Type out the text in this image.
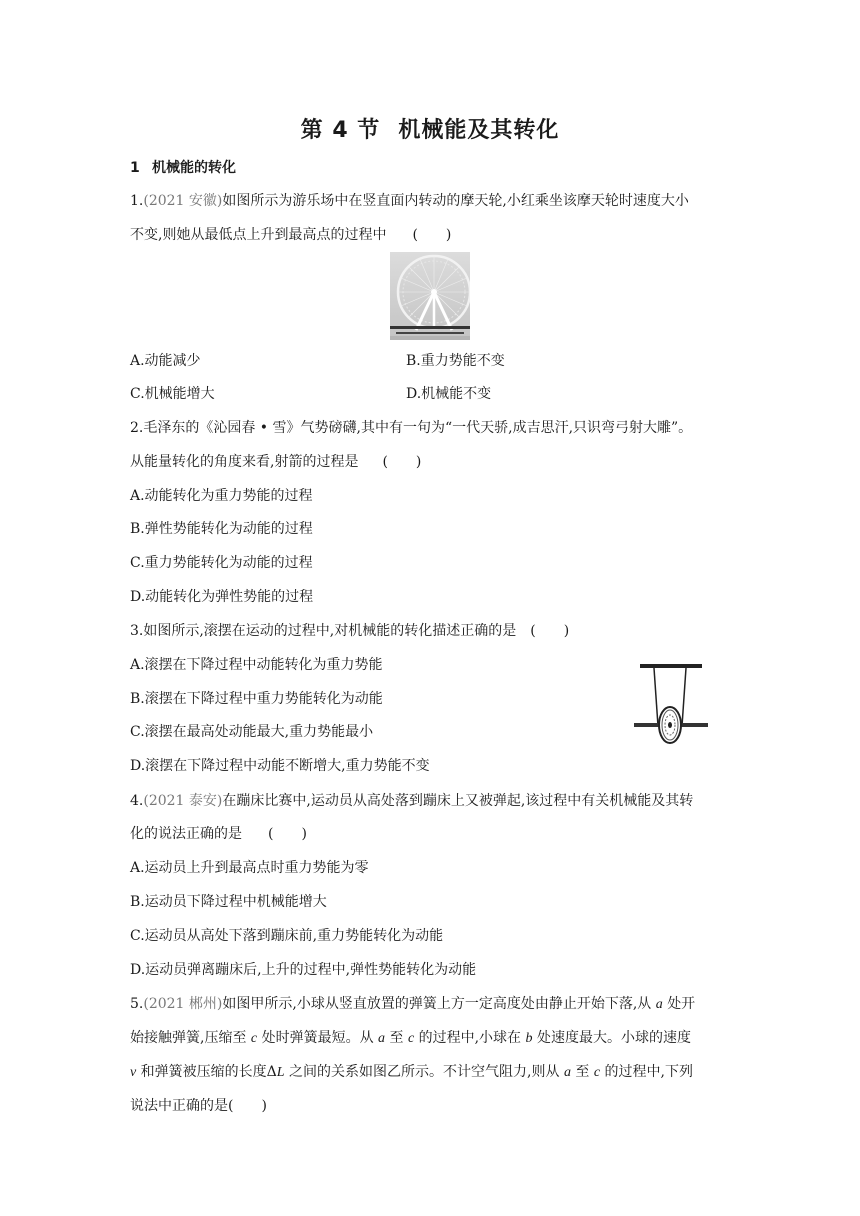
第 4 节 机械能及其转化
1 机械能的转化
1.(2021 安徽)如图所示为游乐场中在竖直面内转动的摩天轮,小红乘坐该摩天轮时速度大小
不变,则她从最低点上升到最高点的过程中 (　　)
A.动能减少	B.重力势能不变
C.机械能增大	D.机械能不变
2.毛泽东的《沁园春 • 雪》气势磅礴,其中有一句为“一代天骄,成吉思汗,只识弯弓射大雕”。
从能量转化的角度来看,射箭的过程是 (　　)
A.动能转化为重力势能的过程
B.弹性势能转化为动能的过程
C.重力势能转化为动能的过程
D.动能转化为弹性势能的过程
3.如图所示,滚摆在运动的过程中,对机械能的转化描述正确的是 (　　)
A.滚摆在下降过程中动能转化为重力势能
B.滚摆在下降过程中重力势能转化为动能
C.滚摆在最高处动能最大,重力势能最小
D.滚摆在下降过程中动能不断增大,重力势能不变
4.(2021 泰安)在蹦床比赛中,运动员从高处落到蹦床上又被弹起,该过程中有关机械能及其转
化的说法正确的是 (　　)
A.运动员上升到最高点时重力势能为零
B.运动员下降过程中机械能增大
C.运动员从高处下落到蹦床前,重力势能转化为动能
D.运动员弹离蹦床后,上升的过程中,弹性势能转化为动能
5.(2021 郴州)如图甲所示,小球从竖直放置的弹簧上方一定高度处由静止开始下落,从 a 处开
始接触弹簧,压缩至 c 处时弹簧最短。从 a 至 c 的过程中,小球在 b 处速度最大。小球的速度
v 和弹簧被压缩的长度ΔL 之间的关系如图乙所示。不计空气阻力,则从 a 至 c 的过程中,下列
说法中正确的是(　　)
